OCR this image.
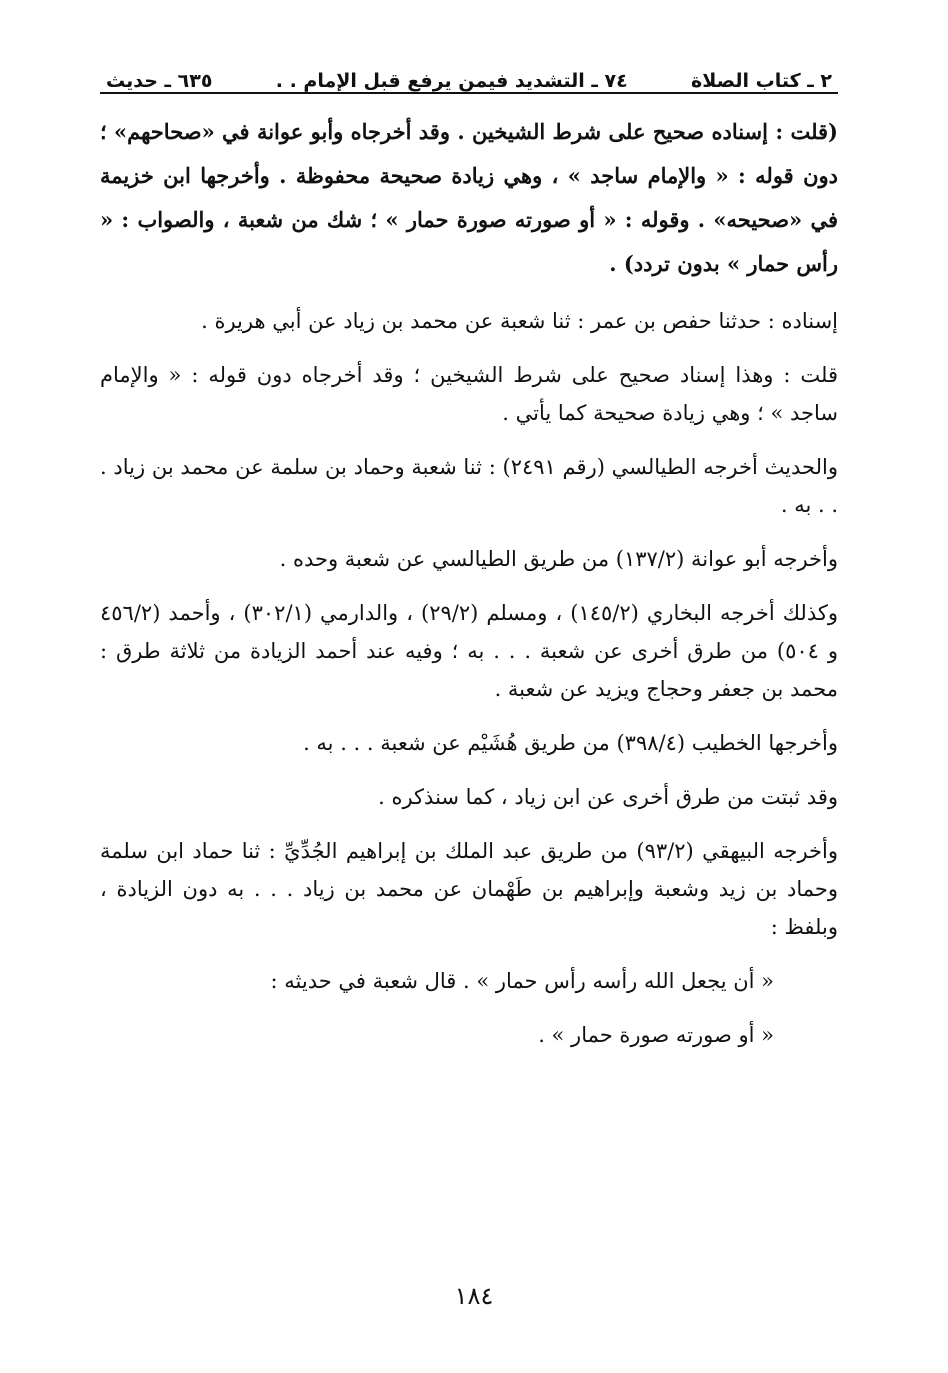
٢ ـ كتاب الصلاة
٧٤ ـ التشديد فيمن يرفع قبل الإمام . .
٦٣٥ ـ حديث

(قلت : إسناده صحيح على شرط الشيخين . وقد أخرجاه وأبو عوانة في «صحاحهم» ؛ دون قوله : « والإمام ساجد » ، وهي زيادة صحيحة محفوظة . وأخرجها ابن خزيمة في «صحيحه» . وقوله : « أو صورته صورة حمار » ؛ شك من شعبة ، والصواب : « رأس حمار » بدون تردد) .

إسناده : حدثنا حفص بن عمر : ثنا شعبة عن محمد بن زياد عن أبي هريرة .

قلت : وهذا إسناد صحيح على شرط الشيخين ؛ وقد أخرجاه دون قوله : « والإمام ساجد » ؛ وهي زيادة صحيحة كما يأتي .

والحديث أخرجه الطيالسي (رقم ٢٤٩١) : ثنا شعبة وحماد بن سلمة عن محمد بن زياد . . . به .

وأخرجه أبو عوانة (١٣٧/٢) من طريق الطيالسي عن شعبة وحده .

وكذلك أخرجه البخاري (١٤٥/٢) ، ومسلم (٢٩/٢) ، والدارمي (٣٠٢/١) ، وأحمد (٤٥٦/٢ و ٥٠٤) من طرق أخرى عن شعبة . . . به ؛ وفيه عند أحمد الزيادة من ثلاثة طرق : محمد بن جعفر وحجاج ويزيد عن شعبة .

وأخرجها الخطيب (٣٩٨/٤) من طريق هُشَيْم عن شعبة . . . به .

وقد ثبتت من طرق أخرى عن ابن زياد ، كما سنذكره .

وأخرجه البيهقي (٩٣/٢) من طريق عبد الملك بن إبراهيم الجُدِّيِّ : ثنا حماد ابن سلمة وحماد بن زيد وشعبة وإبراهيم بن طَهْمان عن محمد بن زياد . . . به دون الزيادة ، وبلفظ :

« أن يجعل الله رأسه رأس حمار » . قال شعبة في حديثه :

« أو صورته صورة حمار » .

١٨٤
